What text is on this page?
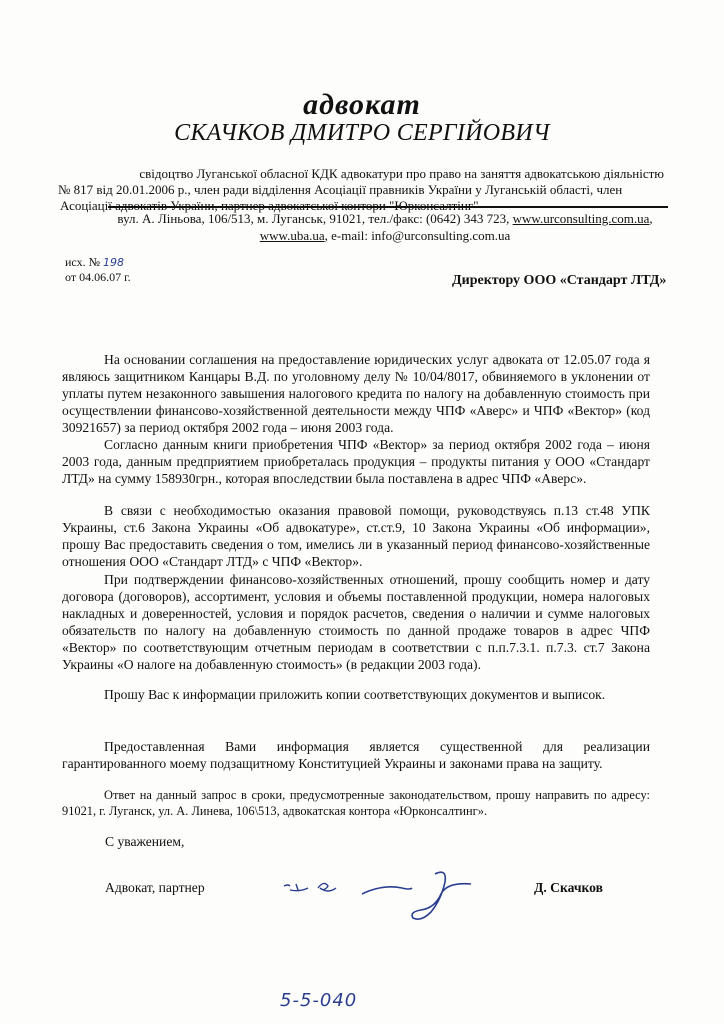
адвокат
СКАЧКОВ ДМИТРО СЕРГІЙОВИЧ
свідоцтво Луганської обласної КДК адвокатури про право на заняття адвокатською діяльністю
№ 817 від 20.01.2006 р., член ради відділення Асоціації правників України у Луганській області, член
Асоціації адвокатів України, партнер адвокатської контори "Юрконсалтінг"
вул. А. Ліньова, 106/513, м. Луганськ, 91021, тел./факс: (0642) 343 723, www.urconsulting.com.ua,
www.uba.ua, e-mail: info@urconsulting.com.ua
исх. № 198
от 04.06.07 г.	Директору ООО «Стандарт ЛТД»

На основании соглашения на предоставление юридических услуг адвоката от 12.05.07 года я являюсь защитником Канцары В.Д. по уголовному делу № 10/04/8017, обвиняемого в уклонении от уплаты путем незаконного завышения налогового кредита по налогу на добавленную стоимость при осуществлении финансово-хозяйственной деятельности между ЧПФ «Аверс» и ЧПФ «Вектор» (код 30921657) за период октября 2002 года – июня 2003 года.

Согласно данным книги приобретения ЧПФ «Вектор» за период октября 2002 года – июня 2003 года, данным предприятием приобреталась продукция – продукты питания у ООО «Стандарт ЛТД» на сумму 158930грн., которая впоследствии была поставлена в адрес ЧПФ «Аверс».

В связи с необходимостью оказания правовой помощи, руководствуясь п.13 ст.48 УПК Украины, ст.6 Закона Украины «Об адвокатуре», ст.ст.9, 10 Закона Украины «Об информации», прошу Вас предоставить сведения о том, имелись ли в указанный период финансово-хозяйственные отношения ООО «Стандарт ЛТД» с ЧПФ «Вектор».

При подтверждении финансово-хозяйственных отношений, прошу сообщить номер и дату договора (договоров), ассортимент, условия и объемы поставленной продукции, номера налоговых накладных и доверенностей, условия и порядок расчетов, сведения о наличии и сумме налоговых обязательств по налогу на добавленную стоимость по данной продаже товаров в адрес ЧПФ «Вектор» по соответствующим отчетным периодам в соответствии с п.п.7.3.1. п.7.3. ст.7 Закона Украины «О налоге на добавленную стоимость» (в редакции 2003 года).

Прошу Вас к информации приложить копии соответствующих документов и выписок.

Предоставленная Вами информация является существенной для реализации гарантированного моему подзащитному Конституцией Украины и законами права на защиту.

Ответ на данный запрос в сроки, предусмотренные законодательством, прошу направить по адресу: 91021, г. Луганск, ул. А. Линева, 106\513, адвокатская контора «Юрконсалтинг».

С уважением,
Адвокат, партнер	Д. Скачков
5-5-040
